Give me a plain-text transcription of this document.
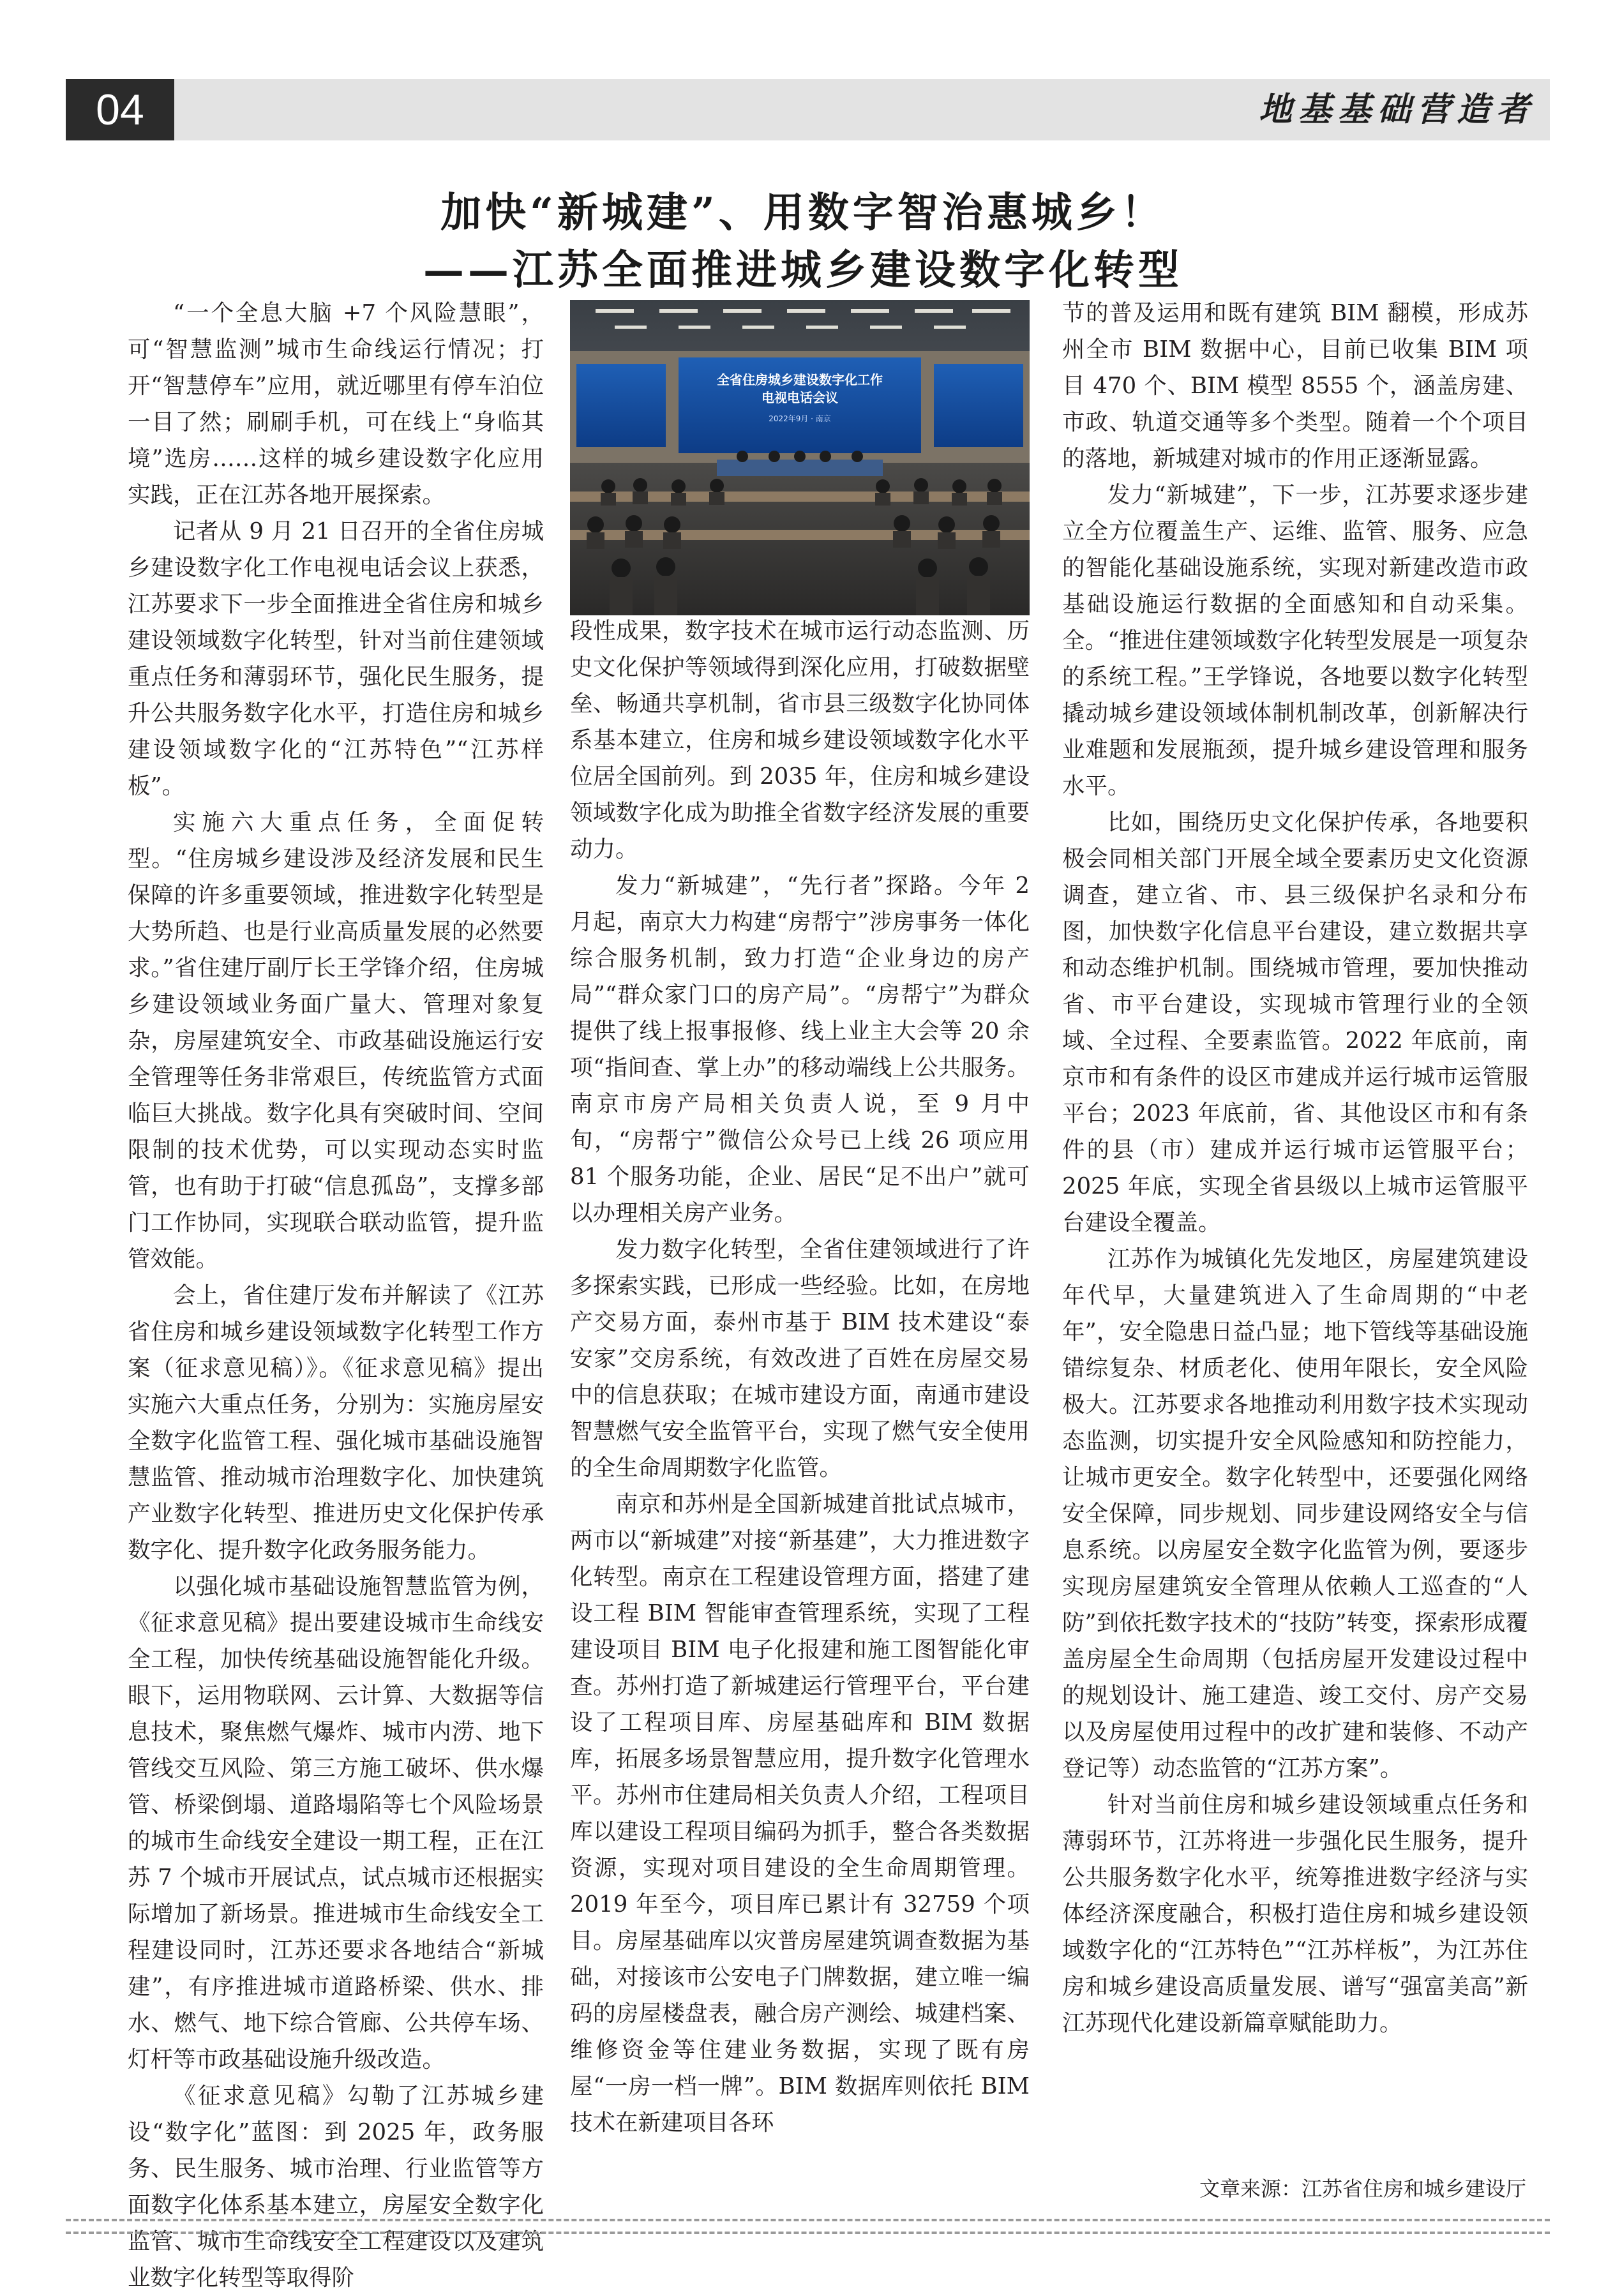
04	地基基础营造者
加快“新城建”、用数字智治惠城乡！
——江苏全面推进城乡建设数字化转型

“一个全息大脑 +7 个风险慧眼”，可“智慧监测”城市生命线运行情况；打开“智慧停车”应用，就近哪里有停车泊位一目了然；刷刷手机，可在线上“身临其境”选房……这样的城乡建设数字化应用实践，正在江苏各地开展探索。

记者从 9 月 21 日召开的全省住房城乡建设数字化工作电视电话会议上获悉，江苏要求下一步全面推进全省住房和城乡建设领域数字化转型，针对当前住建领域重点任务和薄弱环节，强化民生服务，提升公共服务数字化水平，打造住房和城乡建设领域数字化的“江苏特色”“江苏样板”。

实施六大重点任务，全面促转型。“住房城乡建设涉及经济发展和民生保障的许多重要领域，推进数字化转型是大势所趋、也是行业高质量发展的必然要求。”省住建厅副厅长王学锋介绍，住房城乡建设领域业务面广量大、管理对象复杂，房屋建筑安全、市政基础设施运行安全管理等任务非常艰巨，传统监管方式面临巨大挑战。数字化具有突破时间、空间限制的技术优势，可以实现动态实时监管，也有助于打破“信息孤岛”，支撑多部门工作协同，实现联合联动监管，提升监管效能。

会上，省住建厅发布并解读了《江苏省住房和城乡建设领域数字化转型工作方案（征求意见稿）》。《征求意见稿》提出实施六大重点任务，分别为：实施房屋安全数字化监管工程、强化城市基础设施智慧监管、推动城市治理数字化、加快建筑产业数字化转型、推进历史文化保护传承数字化、提升数字化政务服务能力。

以强化城市基础设施智慧监管为例，《征求意见稿》提出要建设城市生命线安全工程，加快传统基础设施智能化升级。眼下，运用物联网、云计算、大数据等信息技术，聚焦燃气爆炸、城市内涝、地下管线交互风险、第三方施工破坏、供水爆管、桥梁倒塌、道路塌陷等七个风险场景的城市生命线安全建设一期工程，正在江苏 7 个城市开展试点，试点城市还根据实际增加了新场景。推进城市生命线安全工程建设同时，江苏还要求各地结合“新城建”，有序推进城市道路桥梁、供水、排水、燃气、地下综合管廊、公共停车场、灯杆等市政基础设施升级改造。

《征求意见稿》勾勒了江苏城乡建设“数字化”蓝图：到 2025 年，政务服务、民生服务、城市治理、行业监管等方面数字化体系基本建立，房屋安全数字化监管、城市生命线安全工程建设以及建筑业数字化转型等取得阶

全省住房城乡建设数字化工作
电视电话会议
2022年9月 · 南京

段性成果，数字技术在城市运行动态监测、历史文化保护等领域得到深化应用，打破数据壁垒、畅通共享机制，省市县三级数字化协同体系基本建立，住房和城乡建设领域数字化水平位居全国前列。到 2035 年，住房和城乡建设领域数字化成为助推全省数字经济发展的重要动力。

发力“新城建”，“先行者”探路。今年 2 月起，南京大力构建“房帮宁”涉房事务一体化综合服务机制，致力打造“企业身边的房产局”“群众家门口的房产局”。“房帮宁”为群众提供了线上报事报修、线上业主大会等 20 余项“指间查、掌上办”的移动端线上公共服务。南京市房产局相关负责人说，至 9 月中旬，“房帮宁”微信公众号已上线 26 项应用 81 个服务功能，企业、居民“足不出户”就可以办理相关房产业务。

发力数字化转型，全省住建领域进行了许多探索实践，已形成一些经验。比如，在房地产交易方面，泰州市基于 BIM 技术建设“泰安家”交房系统，有效改进了百姓在房屋交易中的信息获取；在城市建设方面，南通市建设智慧燃气安全监管平台，实现了燃气安全使用的全生命周期数字化监管。

南京和苏州是全国新城建首批试点城市，两市以“新城建”对接“新基建”，大力推进数字化转型。南京在工程建设管理方面，搭建了建设工程 BIM 智能审查管理系统，实现了工程建设项目 BIM 电子化报建和施工图智能化审查。苏州打造了新城建运行管理平台，平台建设了工程项目库、房屋基础库和 BIM 数据库，拓展多场景智慧应用，提升数字化管理水平。苏州市住建局相关负责人介绍，工程项目库以建设工程项目编码为抓手，整合各类数据资源，实现对项目建设的全生命周期管理。2019 年至今，项目库已累计有 32759 个项目。房屋基础库以灾普房屋建筑调查数据为基础，对接该市公安电子门牌数据，建立唯一编码的房屋楼盘表，融合房产测绘、城建档案、维修资金等住建业务数据，实现了既有房屋“一房一档一牌”。BIM 数据库则依托 BIM 技术在新建项目各环

节的普及运用和既有建筑 BIM 翻模，形成苏州全市 BIM 数据中心，目前已收集 BIM 项目 470 个、BIM 模型 8555 个，涵盖房建、市政、轨道交通等多个类型。随着一个个项目的落地，新城建对城市的作用正逐渐显露。

发力“新城建”，下一步，江苏要求逐步建立全方位覆盖生产、运维、监管、服务、应急的智能化基础设施系统，实现对新建改造市政基础设施运行数据的全面感知和自动采集。全。“推进住建领域数字化转型发展是一项复杂的系统工程。”王学锋说，各地要以数字化转型撬动城乡建设领域体制机制改革，创新解决行业难题和发展瓶颈，提升城乡建设管理和服务水平。

比如，围绕历史文化保护传承，各地要积极会同相关部门开展全域全要素历史文化资源调查，建立省、市、县三级保护名录和分布图，加快数字化信息平台建设，建立数据共享和动态维护机制。围绕城市管理，要加快推动省、市平台建设，实现城市管理行业的全领域、全过程、全要素监管。2022 年底前，南京市和有条件的设区市建成并运行城市运管服平台；2023 年底前，省、其他设区市和有条件的县（市）建成并运行城市运管服平台；2025 年底，实现全省县级以上城市运管服平台建设全覆盖。

江苏作为城镇化先发地区，房屋建筑建设年代早，大量建筑进入了生命周期的“中老年”，安全隐患日益凸显；地下管线等基础设施错综复杂、材质老化、使用年限长，安全风险极大。江苏要求各地推动利用数字技术实现动态监测，切实提升安全风险感知和防控能力，让城市更安全。数字化转型中，还要强化网络安全保障，同步规划、同步建设网络安全与信息系统。以房屋安全数字化监管为例，要逐步实现房屋建筑安全管理从依赖人工巡查的“人防”到依托数字技术的“技防”转变，探索形成覆盖房屋全生命周期（包括房屋开发建设过程中的规划设计、施工建造、竣工交付、房产交易以及房屋使用过程中的改扩建和装修、不动产登记等）动态监管的“江苏方案”。

针对当前住房和城乡建设领域重点任务和薄弱环节，江苏将进一步强化民生服务，提升公共服务数字化水平，统筹推进数字经济与实体经济深度融合，积极打造住房和城乡建设领域数字化的“江苏特色”“江苏样板”，为江苏住房和城乡建设高质量发展、谱写“强富美高”新江苏现代化建设新篇章赋能助力。

文章来源：江苏省住房和城乡建设厅
